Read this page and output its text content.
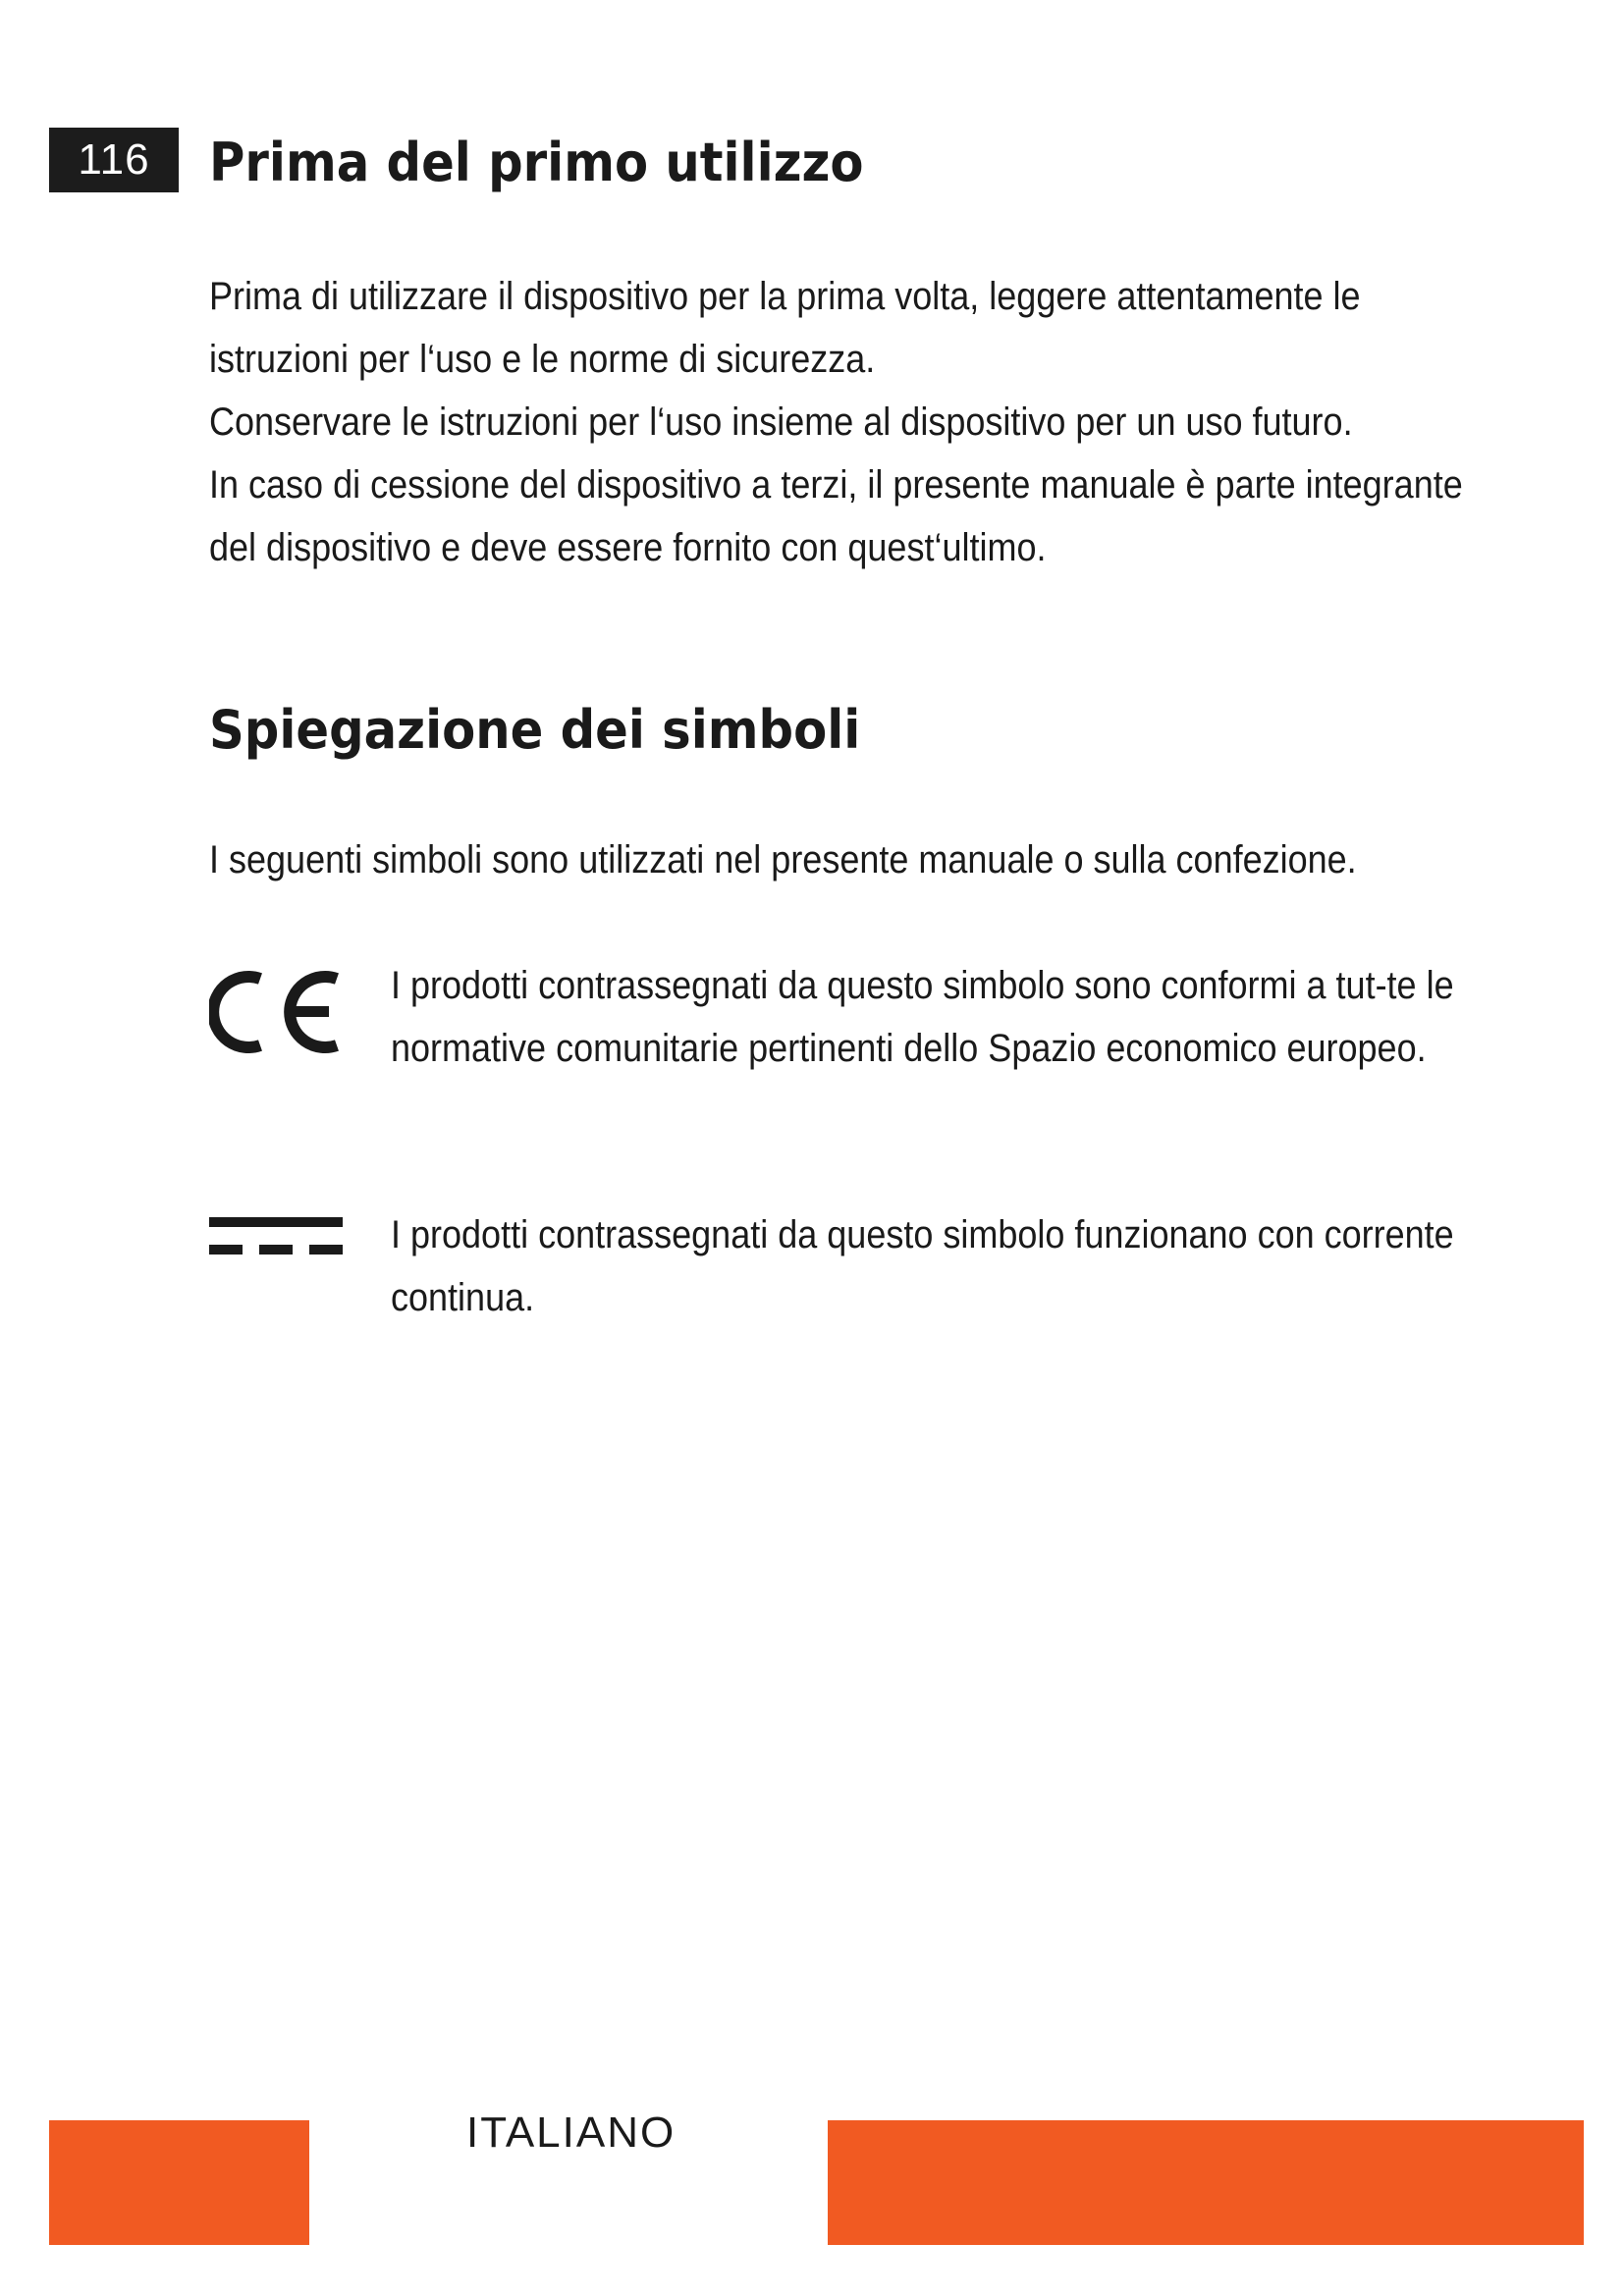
116	Prima del primo utilizzo

Prima di utilizzare il dispositivo per la prima volta, leggere attentamente le istruzioni per l‘uso e le norme di sicurezza.

Conservare le istruzioni per l‘uso insieme al dispositivo per un uso futuro.

In caso di cessione del dispositivo a terzi, il presente manuale è parte integrante del dispositivo e deve essere fornito con quest‘ultimo.

Spiegazione dei simboli

I seguenti simboli sono utilizzati nel presente manuale o sulla confezione.

I prodotti contrassegnati da questo simbolo sono conformi a tut-te le normative comunitarie pertinenti dello Spazio economico europeo.

I prodotti contrassegnati da questo simbolo funzionano con corrente continua.

ITALIANO
